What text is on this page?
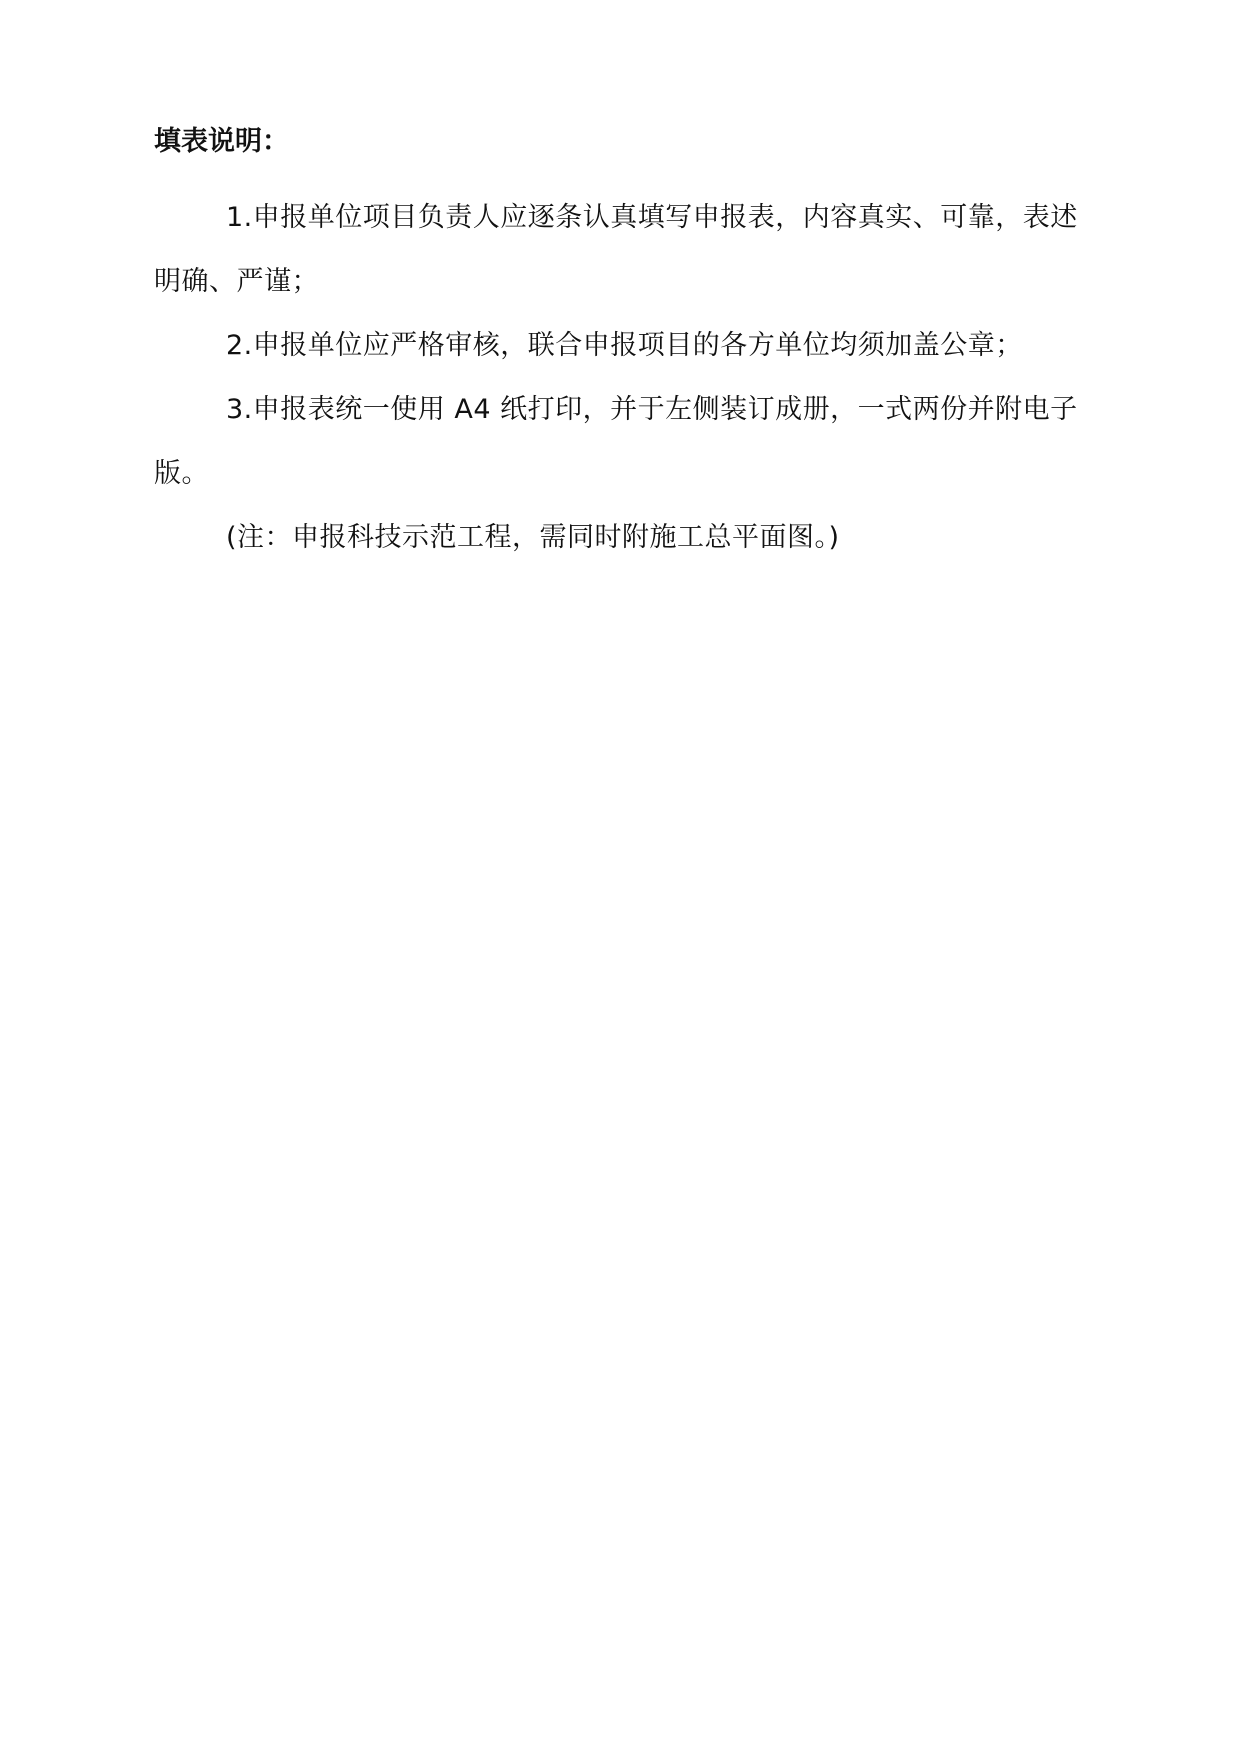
填表说明：

1.申报单位项目负责人应逐条认真填写申报表，内容真实、可靠，表述明确、严谨；

2.申报单位应严格审核，联合申报项目的各方单位均须加盖公章；

3.申报表统一使用 A4 纸打印，并于左侧装订成册，一式两份并附电子版。

(注：申报科技示范工程，需同时附施工总平面图。)
